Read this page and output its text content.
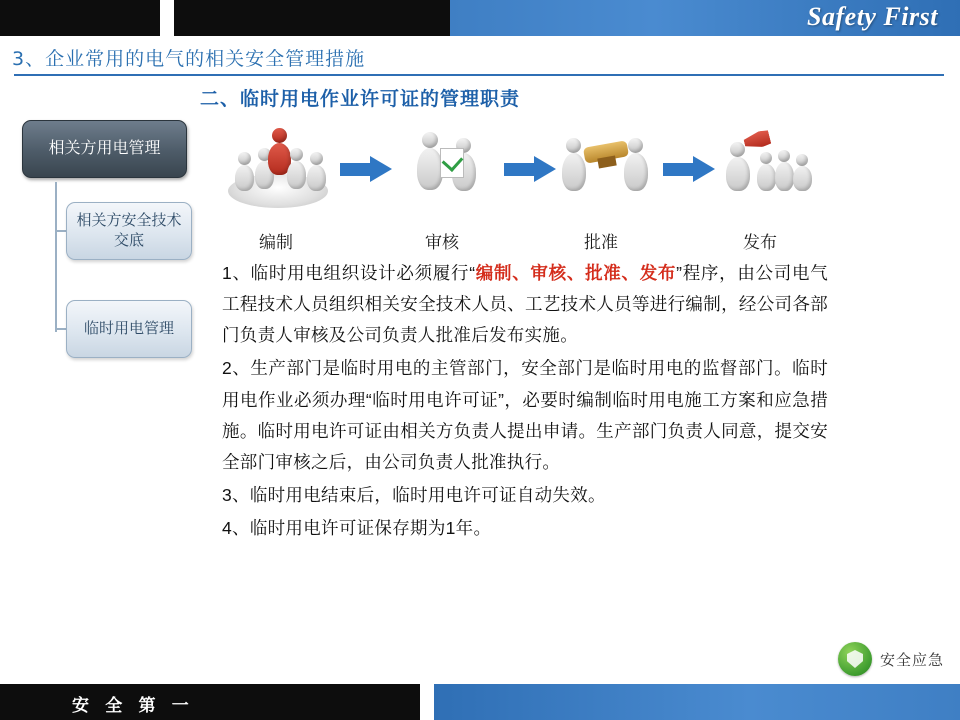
Safety First
3、企业常用的电气的相关安全管理措施
二、临时用电作业许可证的管理职责
相关方用电管理
相关方安全技术交底
临时用电管理
编制	审核	批准	发布

1、临时用电组织设计必须履行“编制、审核、批准、发布”程序，由公司电气工程技术人员组织相关安全技术人员、工艺技术人员等进行编制，经公司各部门负责人审核及公司负责人批准后发布实施。

2、生产部门是临时用电的主管部门，安全部门是临时用电的监督部门。临时用电作业必须办理“临时用电许可证”，必要时编制临时用电施工方案和应急措施。临时用电许可证由相关方负责人提出申请。生产部门负责人同意，提交安全部门审核之后，由公司负责人批准执行。

3、临时用电结束后，临时用电许可证自动失效。

4、临时用电许可证保存期为1年。

安全应急
安 全 第 一
